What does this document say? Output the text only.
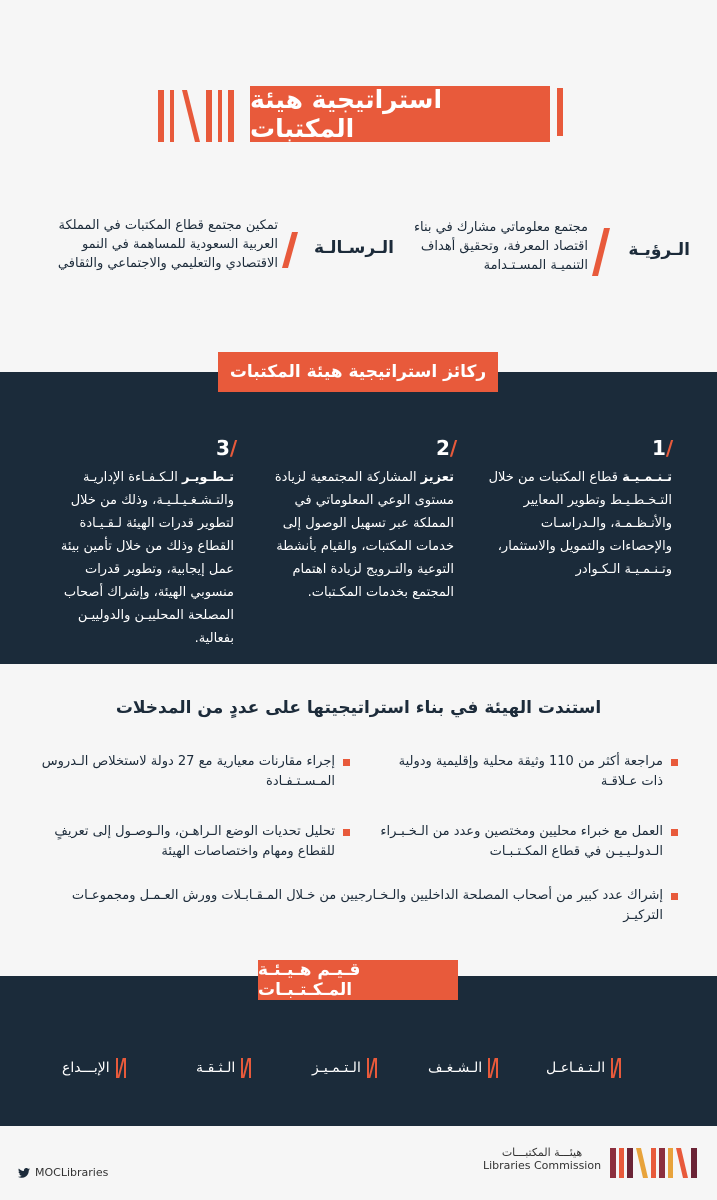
استراتيجية هيئة المكتبات
الـرؤيـة
مجتمع معلوماتي مشارك في بناء اقتصاد المعرفة، وتحقيق أهداف التنميـة المسـتـدامة
الـرسـالـة
تمكين مجتمع قطاع المكتبات في المملكة العربية السعودية للمساهمة في النمو الاقتصادي والتعليمي والاجتماعي والثقافي
ركائز استراتيجية هيئة المكتبات
1/
تـنـمـيـة قطاع المكتبات من خلال التـخـطـيـط وتطوير المعايير والأنـظـمـة، والـدراسـات والإحصاءات والتمويل والاستثمار، وتـنـمـيـة الـكـوادر
2/
تعزيز المشاركة المجتمعية لزيادة مستوى الوعي المعلوماتي في المملكة عبر تسهيل الوصول إلى خدمات المكتبات، والقيام بأنشطة التوعية والتـرويج لزيادة اهتمام المجتمع بخدمات المكـتبات.
3/
تـطـويـر الـكـفـاءة الإداريـة والتـشـغـيـلـيـة، وذلك من خلال لتطوير قدرات الهيئة لـقـيـادة القطاع وذلك من خلال تأمين بيئة عمل إيجابية، وتطوير قدرات منسوبي الهيئة، وإشراك أصحاب المصلحة المحلييـن والدولييـن بفعالية.
استندت الهيئة في بناء استراتيجيتها على عددٍ من المدخلات
مراجعة أكثر من 110 وثيقة محلية وإقليمية ودولية ذات عـلاقـة
إجراء مقارنات معيارية مع 27 دولة لاستخلاص الـدروس المـسـتـفـادة
العمل مع خبراء محليين ومختصين وعدد من الـخـبـراء الـدولـيـيـن في قطاع المكـتـبـات
تحليل تحديات الوضع الـراهـن، والـوصـول إلى تعريفٍ للقطاع ومهام واختصاصات الهيئة
إشراك عدد كبير من أصحاب المصلحة الداخليين والـخـارجيين من خـلال المـقـابـلات وورش العـمـل ومجموعـات التركيـز
قـيـم هـيـئـة المـكـتـبـات
الـتـفـاعـل
الـشـغـف
الـتـمـيـز
الـثـقـة
الإبـــداع
MOCLibraries
هيئـــة المكتبـــات
Libraries Commission
